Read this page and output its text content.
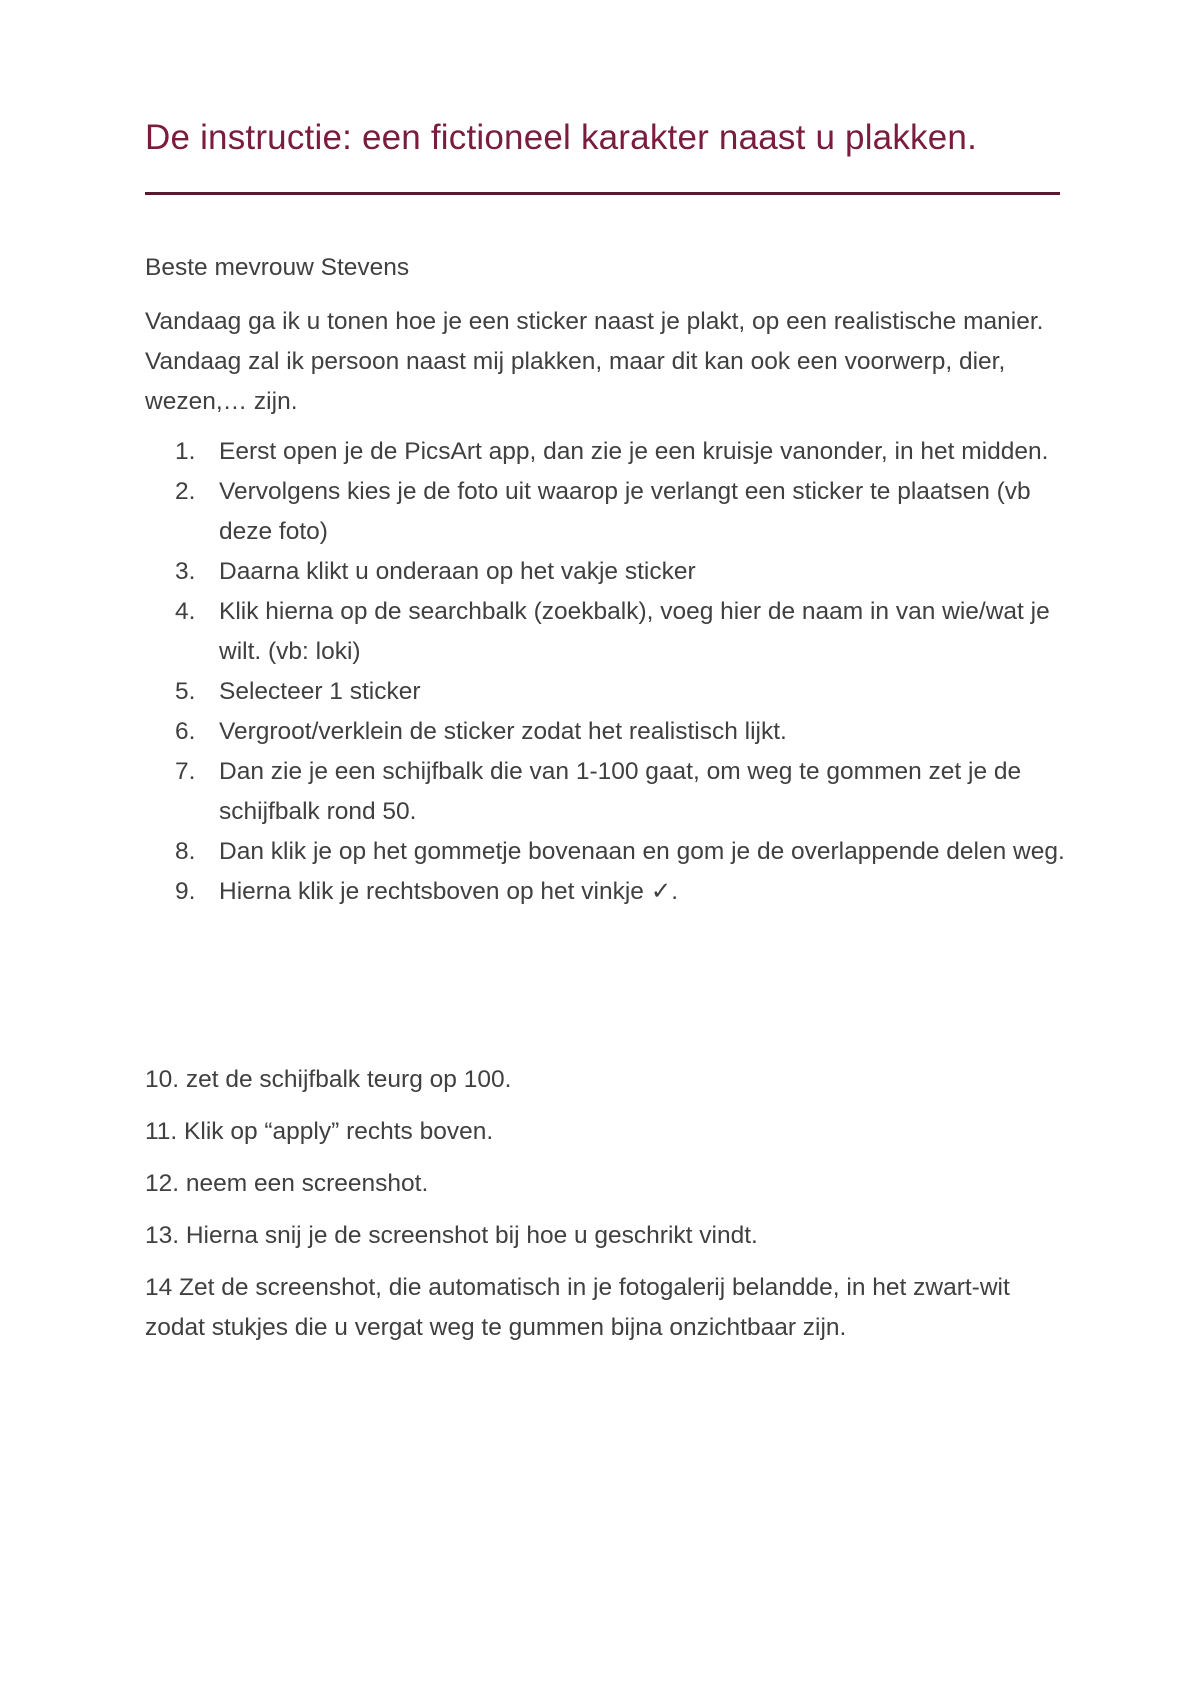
De instructie: een fictioneel karakter naast u plakken.

Beste mevrouw Stevens

Vandaag ga ik u tonen hoe je een sticker naast je plakt, op een realistische manier. Vandaag zal ik persoon naast mij plakken, maar dit kan ook een voorwerp, dier, wezen,… zijn.

1. Eerst open je de PicsArt app, dan zie je een kruisje vanonder, in het midden.
2. Vervolgens kies je de foto uit waarop je verlangt een sticker te plaatsen (vb deze foto)
3. Daarna klikt u onderaan op het vakje sticker
4. Klik hierna op de searchbalk (zoekbalk), voeg hier de naam in van wie/wat je wilt. (vb: loki)
5. Selecteer 1 sticker
6. Vergroot/verklein de sticker zodat het realistisch lijkt.
7. Dan zie je een schijfbalk die van 1-100 gaat, om weg te gommen zet je de schijfbalk rond 50.
8. Dan klik je op het gommetje bovenaan en gom je de overlappende delen weg.
9. Hierna klik je rechtsboven op het vinkje ✓.

10. zet de schijfbalk teurg op 100.

11. Klik op “apply” rechts boven.

12. neem een screenshot.

13. Hierna snij je de screenshot bij hoe u geschrikt vindt.

14 Zet de screenshot, die automatisch in je fotogalerij belandde, in het zwart-wit zodat stukjes die u vergat weg te gummen bijna onzichtbaar zijn.
